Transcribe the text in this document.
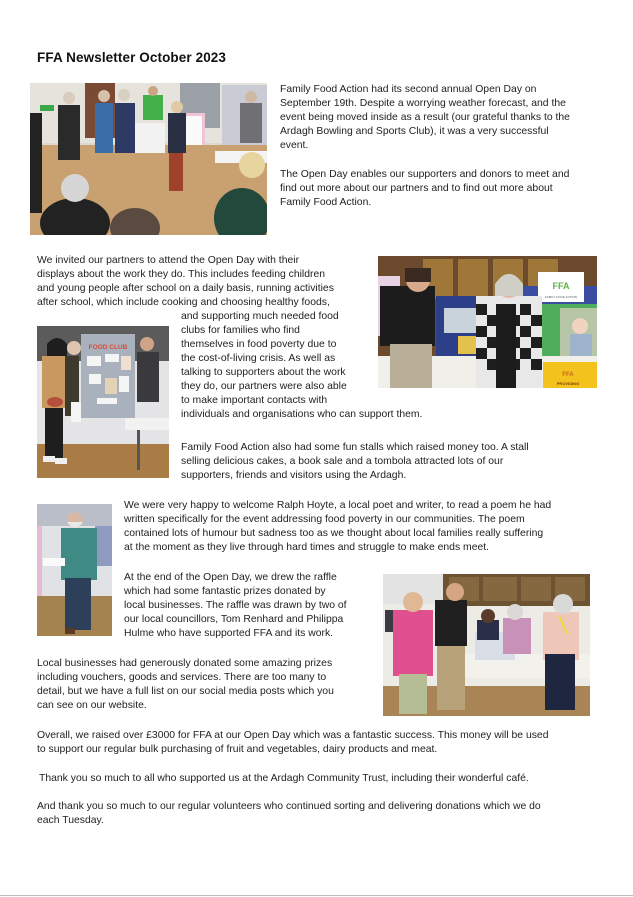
FFA Newsletter October 2023
Family Food Action had its second annual Open Day on
September 19th. Despite a worrying weather forecast, and the
event being moved inside as a result (our grateful thanks to the
Ardagh Bowling and Sports Club), it was a very successful
event.
The Open Day enables our supporters and donors to meet and
find out more about our partners and to find out more about
Family Food Action.
We invited our partners to attend the Open Day with their
displays about the work they do. This includes feeding children
and young people after school on a daily basis, running activities
after school, which include cooking and choosing healthy foods,
and supporting much needed food
clubs for families who find
themselves in food poverty due to
the cost-of-living crisis. As well as
talking to supporters about the work
they do, our partners were also able
to make important contacts with
individuals and organisations who can support them.
FFA
FAMILY FOOD ACTION
FFA
PROVIDING
FOOD CLUB
Family Food Action also had some fun stalls which raised money too. A stall
selling delicious cakes, a book sale and a tombola attracted lots of our
supporters, friends and visitors using the Ardagh.
We were very happy to welcome Ralph Hoyte, a local poet and writer, to read a poem he had
written specifically for the event addressing food poverty in our communities. The poem
contained lots of humour but sadness too as we thought about local families really suffering
at the moment as they live through hard times and struggle to make ends meet.
At the end of the Open Day, we drew the raffle
which had some fantastic prizes donated by
local businesses. The raffle was drawn by two of
our local councillors, Tom Renhard and Philippa
Hulme who have supported FFA and its work.
Local businesses had generously donated some amazing prizes
including vouchers, goods and services. There are too many to
detail, but we have a full list on our social media posts which you
can see on our website.
Overall, we raised over £3000 for FFA at our Open Day which was a fantastic success. This money will be used
to support our regular bulk purchasing of fruit and vegetables, dairy products and meat.
Thank you so much to all who supported us at the Ardagh Community Trust, including their wonderful café.
And thank you so much to our regular volunteers who continued sorting and delivering donations which we do
each Tuesday.
